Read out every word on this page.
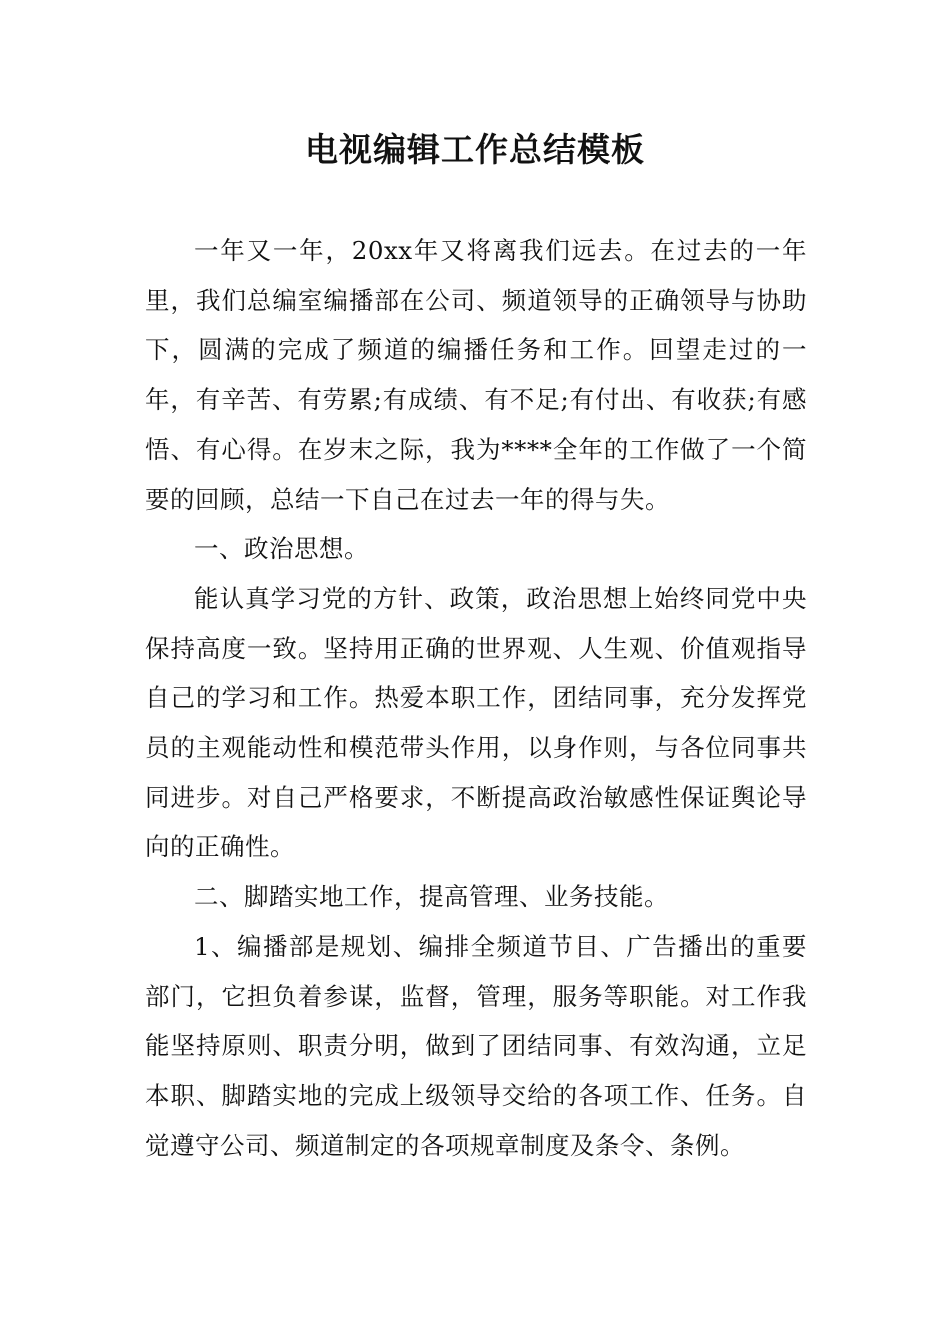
电视编辑工作总结模板

一年又一年，20xx年又将离我们远去。在过去的一年里，我们总编室编播部在公司、频道领导的正确领导与协助下，圆满的完成了频道的编播任务和工作。回望走过的一年，有辛苦、有劳累;有成绩、有不足;有付出、有收获;有感悟、有心得。在岁末之际，我为****全年的工作做了一个简要的回顾，总结一下自己在过去一年的得与失。

一、政治思想。

能认真学习党的方针、政策，政治思想上始终同党中央保持高度一致。坚持用正确的世界观、人生观、价值观指导自己的学习和工作。热爱本职工作，团结同事，充分发挥党员的主观能动性和模范带头作用，以身作则，与各位同事共同进步。对自己严格要求，不断提高政治敏感性保证舆论导向的正确性。

二、脚踏实地工作，提高管理、业务技能。

1、编播部是规划、编排全频道节目、广告播出的重要部门，它担负着参谋，监督，管理，服务等职能。对工作我能坚持原则、职责分明，做到了团结同事、有效沟通，立足本职、脚踏实地的完成上级领导交给的各项工作、任务。自觉遵守公司、频道制定的各项规章制度及条令、条例。
